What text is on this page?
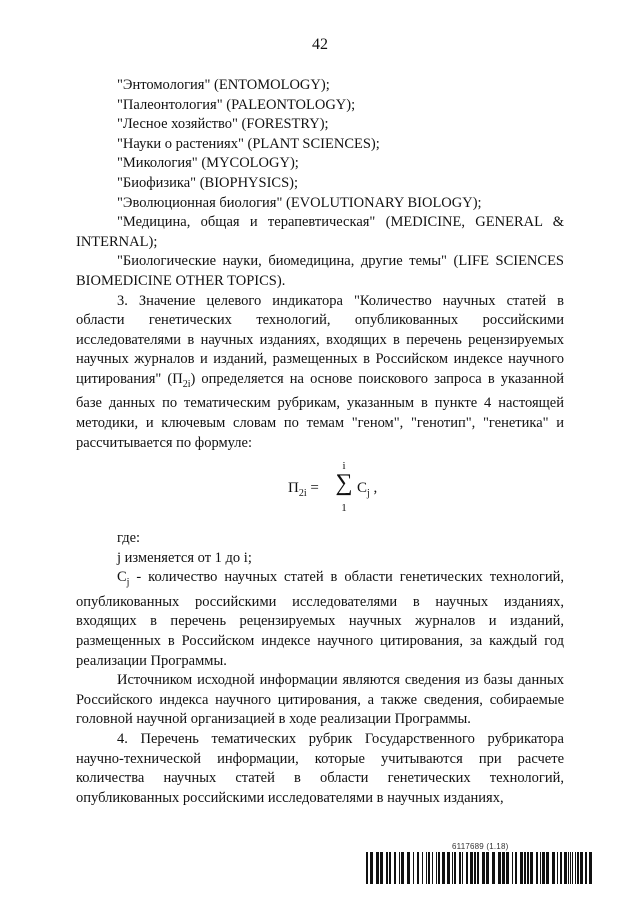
42

"Энтомология" (ENTOMOLOGY);

"Палеонтология" (PALEONTOLOGY);

"Лесное хозяйство" (FORESTRY);

"Науки о растениях" (PLANT SCIENCES);

"Микология" (MYCOLOGY);

"Биофизика" (BIOPHYSICS);

"Эволюционная биология" (EVOLUTIONARY BIOLOGY);

"Медицина, общая и терапевтическая" (MEDICINE, GENERAL & INTERNAL);

"Биологические науки, биомедицина, другие темы" (LIFE SCIENCES BIOMEDICINE OTHER TOPICS).

3. Значение целевого индикатора "Количество научных статей в области генетических технологий, опубликованных российскими исследователями в научных изданиях, входящих в перечень рецензируемых научных журналов и изданий, размещенных в Российском индексе научного цитирования" $(П_{2i})$ определяется на основе поискового запроса в указанной базе данных по тематическим рубрикам, указанным в пункте 4 настоящей методики, и ключевым словам по темам "геном", "генотип", "генетика" и рассчитывается по формуле:

$П_{2i}$ =
i
∑
1
$C_j$ ,

где:

j изменяется от 1 до i;

$C_j$ - количество научных статей в области генетических технологий, опубликованных российскими исследователями в научных изданиях, входящих в перечень рецензируемых научных журналов и изданий, размещенных в Российском индексе научного цитирования, за каждый год реализации Программы.

Источником исходной информации являются сведения из базы данных Российского индекса научного цитирования, а также сведения, собираемые головной научной организацией в ходе реализации Программы.

4. Перечень тематических рубрик Государственного рубрикатора научно-технической информации, которые учитываются при расчете количества научных статей в области генетических технологий, опубликованных российскими исследователями в научных изданиях,

6117689 (1.18)
